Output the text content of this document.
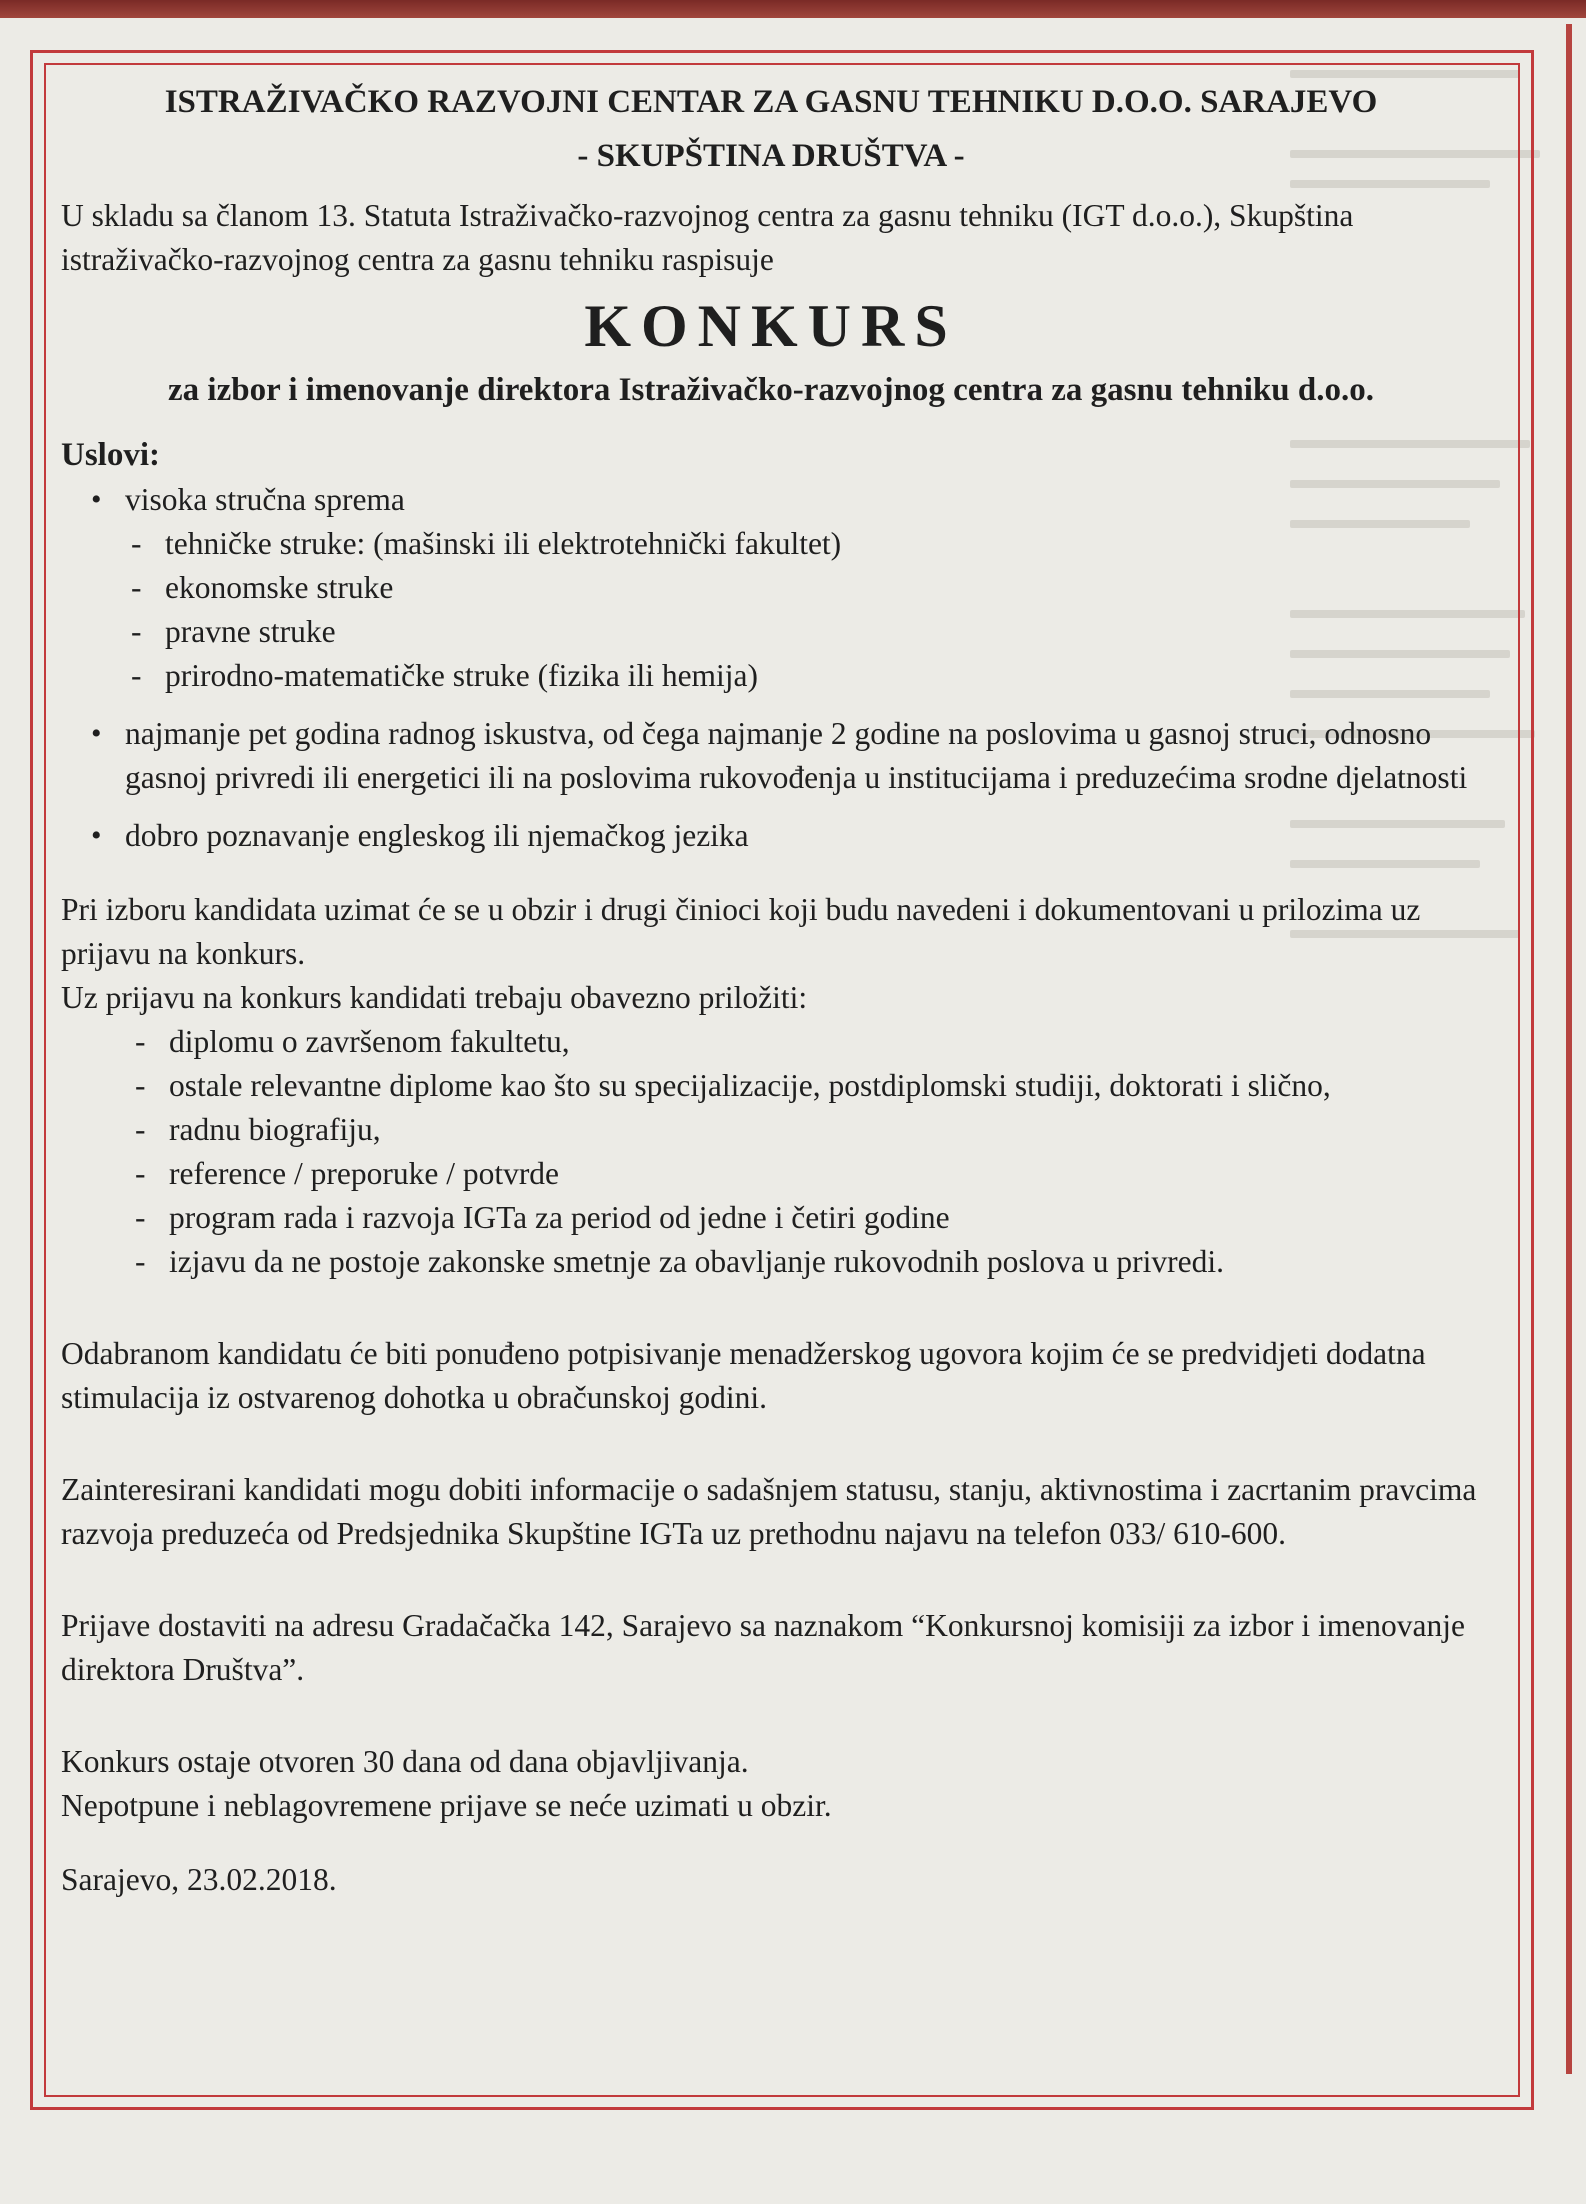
ISTRAŽIVAČKO RAZVOJNI CENTAR ZA GASNU TEHNIKU D.O.O. SARAJEVO
- SKUPŠTINA DRUŠTVA -

U skladu sa članom 13. Statuta Istraživačko-razvojnog centra za gasnu tehniku (IGT d.o.o.), Skupština istraživačko-razvojnog centra za gasnu tehniku raspisuje

KONKURS
za izbor i imenovanje direktora Istraživačko-razvojnog centra za gasnu tehniku d.o.o.
Uslovi:
• visoka stručna sprema
- tehničke struke: (mašinski ili elektrotehnički fakultet)
- ekonomske struke
- pravne struke
- prirodno-matematičke struke (fizika ili hemija)
• najmanje pet godina radnog iskustva, od čega najmanje 2 godine na poslovima u gasnoj struci, odnosno gasnoj privredi ili energetici ili na poslovima rukovođenja u institucijama i preduzećima srodne djelatnosti
• dobro poznavanje engleskog ili njemačkog jezika

Pri izboru kandidata uzimat će se u obzir i drugi činioci koji budu navedeni i dokumentovani u prilozima uz prijavu na konkurs.

Uz prijavu na konkurs kandidati trebaju obavezno priložiti:

- diplomu o završenom fakultetu,
- ostale relevantne diplome kao što su specijalizacije, postdiplomski studiji, doktorati i slično,
- radnu biografiju,
- reference / preporuke / potvrde
- program rada i razvoja IGTa za period od jedne i četiri godine
- izjavu da ne postoje zakonske smetnje za obavljanje rukovodnih poslova u privredi.

Odabranom kandidatu će biti ponuđeno potpisivanje menadžerskog ugovora kojim će se predvidjeti dodatna stimulacija iz ostvarenog dohotka u obračunskoj godini.

Zainteresirani kandidati mogu dobiti informacije o sadašnjem statusu, stanju, aktivnostima i zacrtanim pravcima razvoja preduzeća od Predsjednika Skupštine IGTa uz prethodnu najavu na telefon 033/ 610-600.

Prijave dostaviti na adresu Gradačačka 142, Sarajevo sa naznakom “Konkursnoj komisiji za izbor i imenovanje direktora Društva”.

Konkurs ostaje otvoren 30 dana od dana objavljivanja.

Nepotpune i neblagovremene prijave se neće uzimati u obzir.

Sarajevo, 23.02.2018.
